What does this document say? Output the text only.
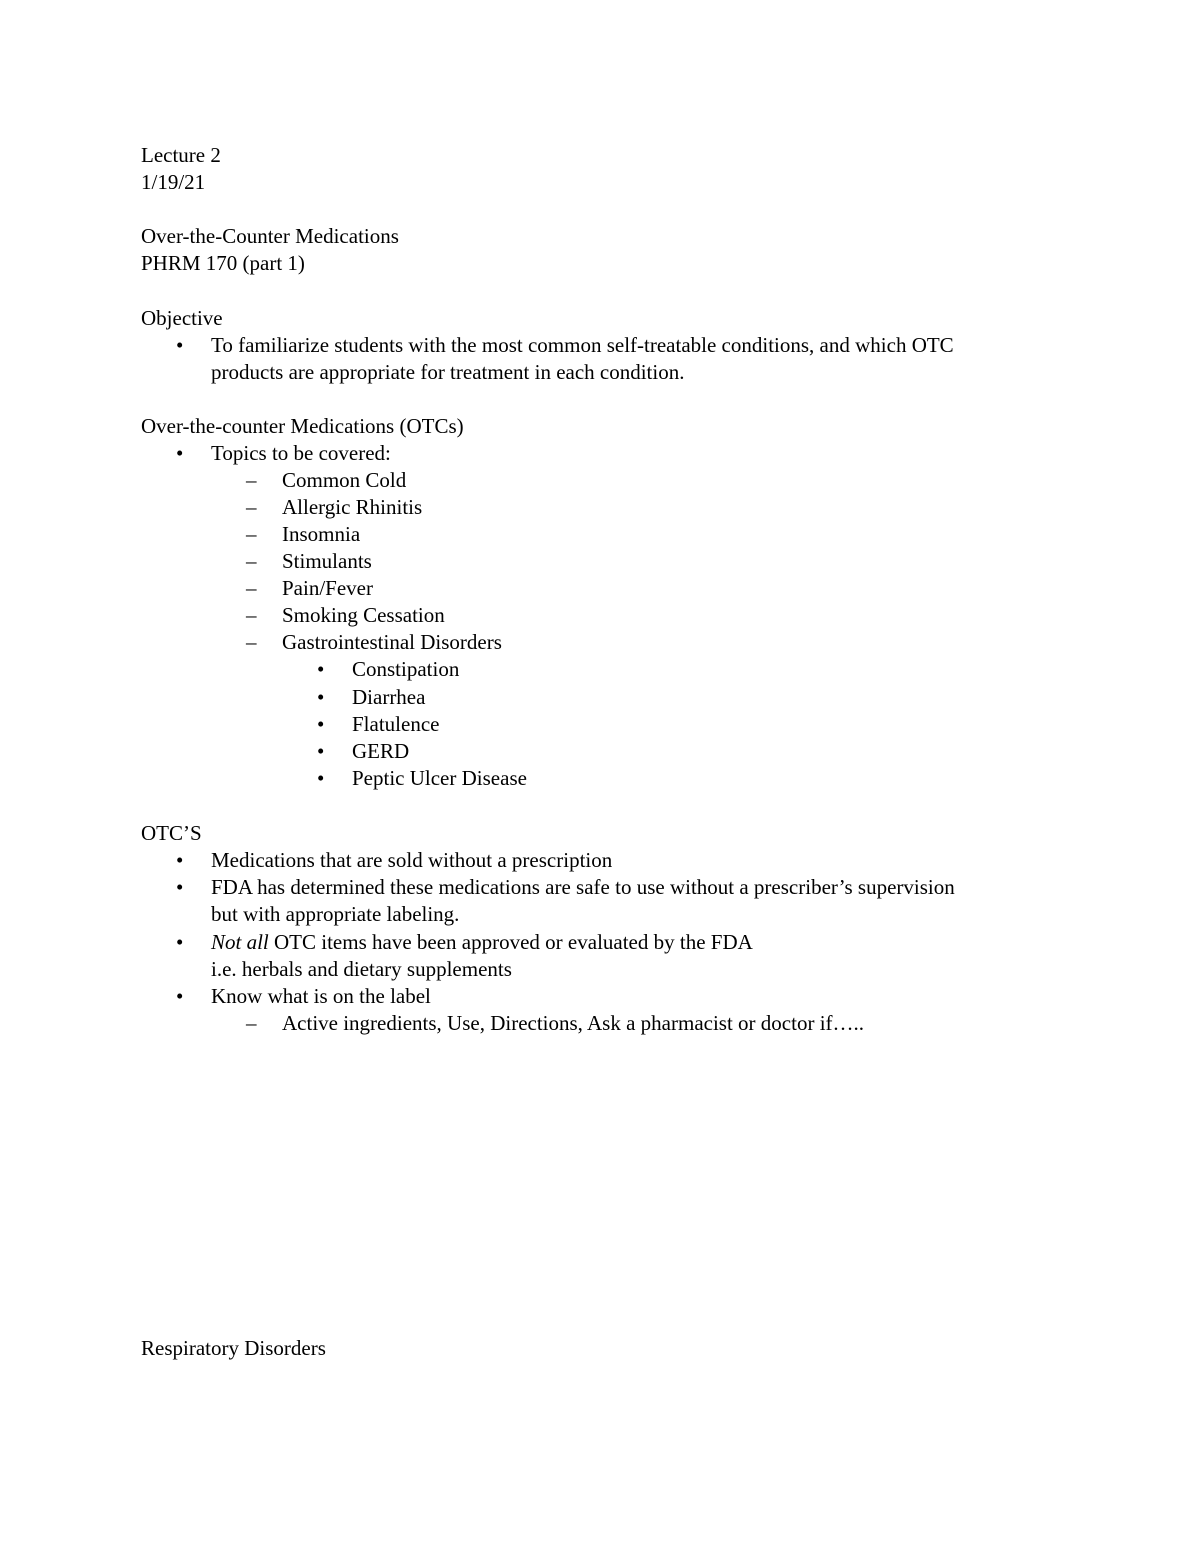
Lecture 2
1/19/21
Over-the-Counter Medications
PHRM 170 (part 1)
Objective
•	To familiarize students with the most common self-treatable conditions, and which OTC
products are appropriate for treatment in each condition.
Over-the-counter Medications (OTCs)
•	Topics to be covered:
–	Common Cold
–	Allergic Rhinitis
–	Insomnia
–	Stimulants
–	Pain/Fever
–	Smoking Cessation
–	Gastrointestinal Disorders
•	Constipation
•	Diarrhea
•	Flatulence
•	GERD
•	Peptic Ulcer Disease
OTC’S
•	Medications that are sold without a prescription
•	FDA has determined these medications are safe to use without a prescriber’s supervision
but with appropriate labeling.
•	Not all OTC items have been approved or evaluated by the FDA
i.e. herbals and dietary supplements
•	Know what is on the label
–	Active ingredients, Use, Directions, Ask a pharmacist or doctor if…..
Respiratory Disorders
